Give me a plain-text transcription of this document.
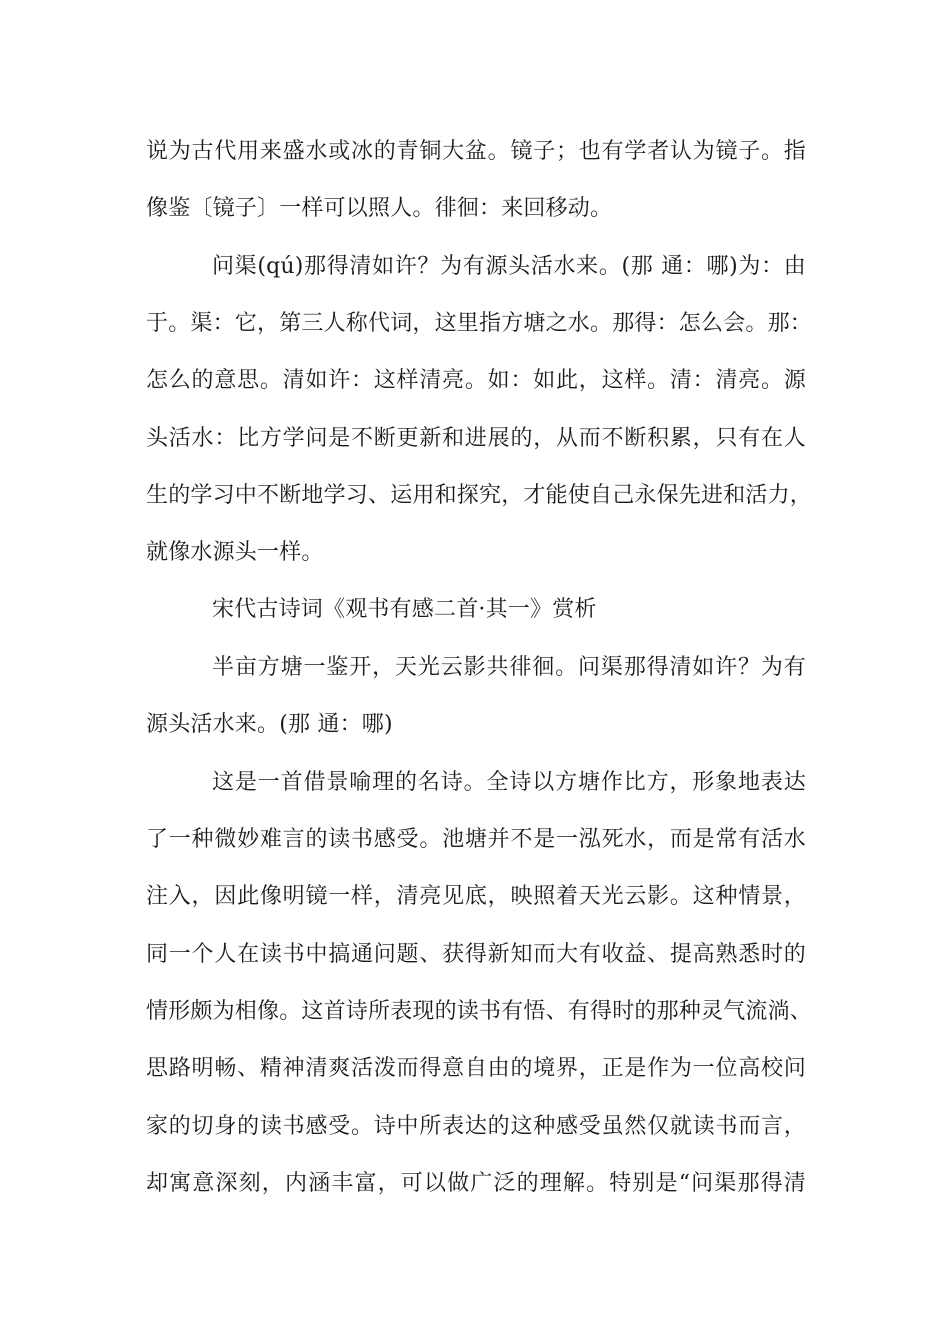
说为古代用来盛水或冰的青铜大盆。镜子；也有学者认为镜子。指
像鉴〔镜子〕一样可以照人。徘徊：来回移动。
问渠(qú)那得清如许？为有源头活水来。(那 通：哪)为：由
于。渠：它，第三人称代词，这里指方塘之水。那得：怎么会。那：
怎么的意思。清如许：这样清亮。如：如此，这样。清：清亮。源
头活水：比方学问是不断更新和进展的，从而不断积累，只有在人
生的学习中不断地学习、运用和探究，才能使自己永保先进和活力，
就像水源头一样。
宋代古诗词《观书有感二首·其一》赏析
半亩方塘一鉴开，天光云影共徘徊。问渠那得清如许？为有
源头活水来。(那 通：哪)
这是一首借景喻理的名诗。全诗以方塘作比方，形象地表达
了一种微妙难言的读书感受。池塘并不是一泓死水，而是常有活水
注入，因此像明镜一样，清亮见底，映照着天光云影。这种情景，
同一个人在读书中搞通问题、获得新知而大有收益、提高熟悉时的
情形颇为相像。这首诗所表现的读书有悟、有得时的那种灵气流淌、
思路明畅、精神清爽活泼而得意自由的境界，正是作为一位高校问
家的切身的读书感受。诗中所表达的这种感受虽然仅就读书而言，
却寓意深刻，内涵丰富，可以做广泛的理解。特别是“问渠那得清
